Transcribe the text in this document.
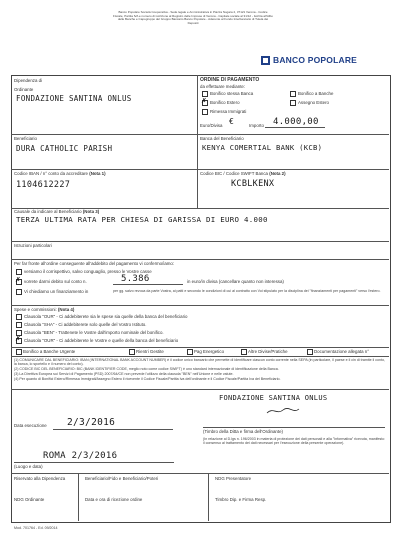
Banco Popolare Società Cooperativa - Sede legale e Amministrativa in Piazza Nogara 2, 37121 Verona - Codice Fiscale, Partita IVA e numero di iscrizione al Registro delle Imprese di Verona - Capitale sociale al 31/12 - Iscritta all'Albo delle Banche e Capogruppo del Gruppo Bancario Banco Popolare - Aderente al Fondo Interbancario di Tutela dei Depositi
BANCO POPOLARE
Dipendenza di
Ordinante
FONDAZIONE SANTINA ONLUS
Beneficiario
DURA CATHOLIC PARISH
Codice IBAN / n° conto da accreditare (Nota 1)
1104612227
ORDINE DI PAGAMENTO
da effettuare mediante:
Bonifico stessa Banca	Bonifico a Banche
✗ Bonifico Estero	Assegno Estero
Rimessa Immigrati
Euro/Divisa €	Importo 4.000,00
Banca del Beneficiario
KENYA COMERTIAL BANK (KCB)
Codice BIC / Codice SWIFT Banca (Nota 2)
KCBLKENX
Causale da indicare al Beneficiario (Nota 3)
TERZA ULTIMA RATA PER CHIESA DI GARISSA DI EURO 4.000
Istruzioni particolari
Per far fronte all'ordine conseguente all'addebito del pagamento vi confermo/iamo:
versiamo il corrispettivo, salvo conguaglio, presso le Vostre casse
✗ vorrete darmi debito sul conto n.	5.386	in euro/in divisa (cancellare quanto non interessa)
Vi chiediamo un finanziamento in	per gg. salvo revoca da parte Vostra, ai patti e secondo le condizioni di cui al contratto con Voi stipulato per la disciplina dei "finanziamenti per pagamenti" verso l'estero.
Spese e commissioni: (Nota 4)
Clausola "OUR" - Ci addebiterete sia le spese sia quelle della banca del beneficiario
Clausola "SHA" - Ci addebiterete solo quelle del Vostro Istituto.
Clausola "BEN" - Trattenete le Vostre dall'importo nominale del bonifico.
✗ Clausola "OUR" - Ci addebiterete le Vostre e quelle della banca del beneficiario
Bonifico a Banche Urgente	Rientri Gestite	Pag Energetico	Altre Divise/Pratiche	Documentazione allegata n°
(1) COMUNICARE DAL BENEFICIARIO: IBAN (INTERNATIONAL BANK ACCOUNT NUMBER) è il codice unico bancario che permette di identificare ciascun conto corrente nella SEPA (in particolare, il paese e il cin di tramite il conto, la banca, lo sportello e il numero del conto).
(2) CODICE BIC DEL BENEFICIARIO: BIC (BANK IDENTIFIER CODE, meglio noto come codice SWIFT) è uno standard internazionale di identificazione della Banca.
(3) La Direttiva Europea sui Servizi di Pagamento (PSD) 2007/64/CE non prevede l'utilizzo della clausola "BEN" nell'Unione e nelle valute.
(4) Per quanto di Bonifici Estero/Rimessa Immigrati/Assegno Estero il ricevente il Codice Fiscale/Partita Iva dell'ordinante e il Codice Fiscale/Partita Iva del Beneficiario.
FONDAZIONE SANTINA ONLUS
Data esecuzione 2/3/2016
(Timbro della Ditta e firma dell'Ordinante)
(In relazione al D.lgs n. 196/2003 in materia di protezione dei dati personali e alla "Informativa" ricevuta, manifesto il consenso al trattamento dei dati necessari per l'esecuzione della presente operazione).
ROMA 2/3/2016
(Luogo e data)
Riservato alla Dipendenza
NDG Ordinante
Beneficiario/Fido e Beneficiario/Poteri
Data e ora di ricezione ordine
NDG Presentatore
Timbro Dip. e Firma Resp.
Mod. 701764 - Ed. 09/2014
